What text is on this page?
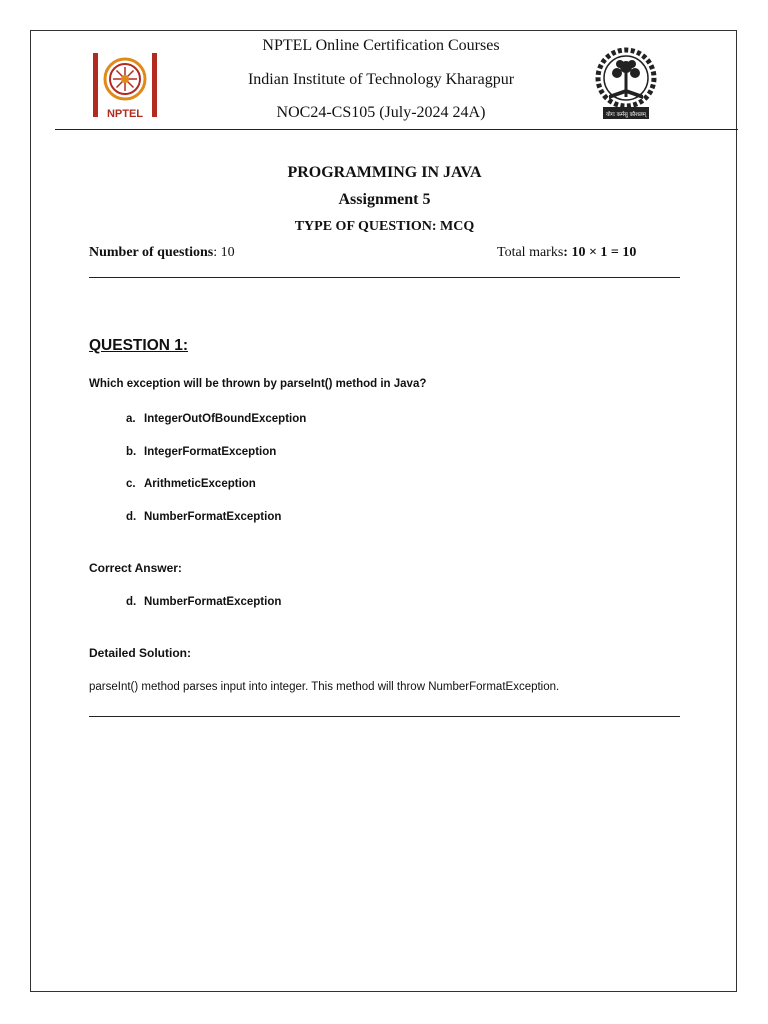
NPTEL
NPTEL Online Certification Courses
Indian Institute of Technology Kharagpur
NOC24-CS105 (July-2024 24A)	योगः कर्मसु कौशलम्
PROGRAMMING IN JAVA
Assignment 5
TYPE OF QUESTION: MCQ
Number of questions: 10	Total marks: 10 × 1 = 10
QUESTION 1:
Which exception will be thrown by parseInt() method in Java?
a. IntegerOutOfBoundException
b. IntegerFormatException
c. ArithmeticException
d. NumberFormatException
Correct Answer:
d. NumberFormatException
Detailed Solution:
parseInt() method parses input into integer. This method will throw NumberFormatException.
